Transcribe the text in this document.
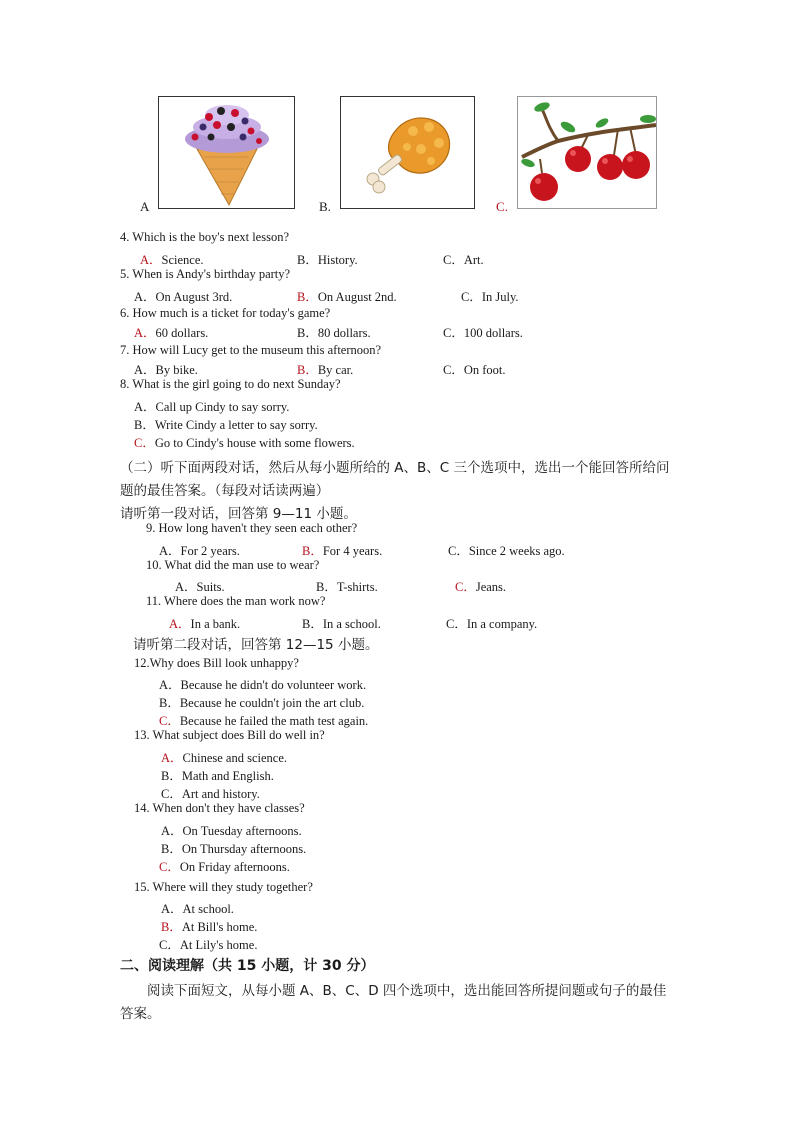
A	B.	C.
4. Which is the boy's next lesson?
A．Science.	B．History.	C．Art.
5. When is Andy's birthday party?
A．On August 3rd.	B．On August 2nd.	C．In July.
6. How much is a ticket for today's game?
A．60 dollars.	B．80 dollars.	C．100 dollars.
7. How will Lucy get to the museum this afternoon?
A．By bike.	B．By car.	C．On foot.
8. What is the girl going to do next Sunday?
A．Call up Cindy to say sorry.
B．Write Cindy a letter to say sorry.
C．Go to Cindy's house with some flowers.
（二）听下面两段对话，然后从每小题所给的 A、B、C 三个选项中，选出一个能回答所给问
题的最佳答案。（每段对话读两遍）
请听第一段对话，回答第 9—11 小题。
9. How long haven't they seen each other?
A．For 2 years.	B．For 4 years.	C．Since 2 weeks ago.
10. What did the man use to wear?
A．Suits.	B．T-shirts.	C．Jeans.
11. Where does the man work now?
A．In a bank.	B．In a school.	C．In a company.
请听第二段对话，回答第 12—15 小题。
12.Why does Bill look unhappy?
A．Because he didn't do volunteer work.
B．Because he couldn't join the art club.
C．Because he failed the math test again.
13. What subject does Bill do well in?
A．Chinese and science.
B．Math and English.
C．Art and history.
14. When don't they have classes?
A．On Tuesday afternoons.
B．On Thursday afternoons.
C．On Friday afternoons.
15. Where will they study together?
A．At school.
B．At Bill's home.
C．At Lily's home.
二、阅读理解（共 15 小题，计 30 分）
阅读下面短文，从每小题 A、B、C、D 四个选项中，选出能回答所提问题或句子的最佳
答案。
